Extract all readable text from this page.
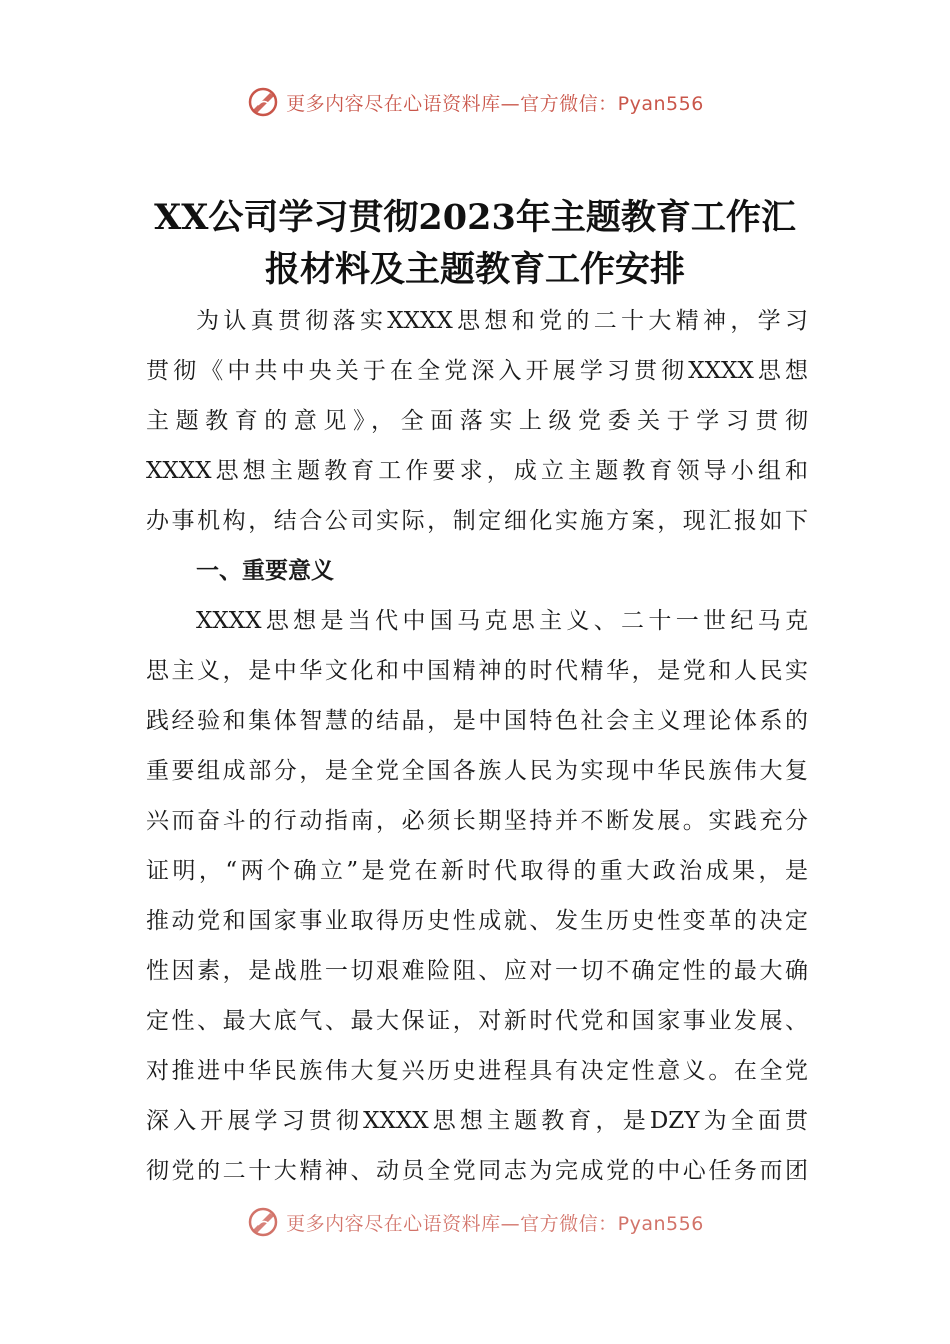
更多内容尽在心语资料库—官方微信：Pyan556
XX公司学习贯彻2023年主题教育工作汇
报材料及主题教育工作安排
为认真贯彻落实XXXX思想和党的二十大精神，学习
贯彻《中共中央关于在全党深入开展学习贯彻XXXX思想
主题教育的意见》，全面落实上级党委关于学习贯彻
XXXX思想主题教育工作要求，成立主题教育领导小组和
办事机构，结合公司实际，制定细化实施方案，现汇报如下
一、重要意义
XXXX思想是当代中国马克思主义、二十一世纪马克
思主义，是中华文化和中国精神的时代精华，是党和人民实
践经验和集体智慧的结晶，是中国特色社会主义理论体系的
重要组成部分，是全党全国各族人民为实现中华民族伟大复
兴而奋斗的行动指南，必须长期坚持并不断发展。实践充分
证明，“两个确立”是党在新时代取得的重大政治成果，是
推动党和国家事业取得历史性成就、发生历史性变革的决定
性因素，是战胜一切艰难险阻、应对一切不确定性的最大确
定性、最大底气、最大保证，对新时代党和国家事业发展、
对推进中华民族伟大复兴历史进程具有决定性意义。在全党
深入开展学习贯彻XXXX思想主题教育，是DZY为全面贯
彻党的二十大精神、动员全党同志为完成党的中心任务而团
更多内容尽在心语资料库—官方微信：Pyan556
